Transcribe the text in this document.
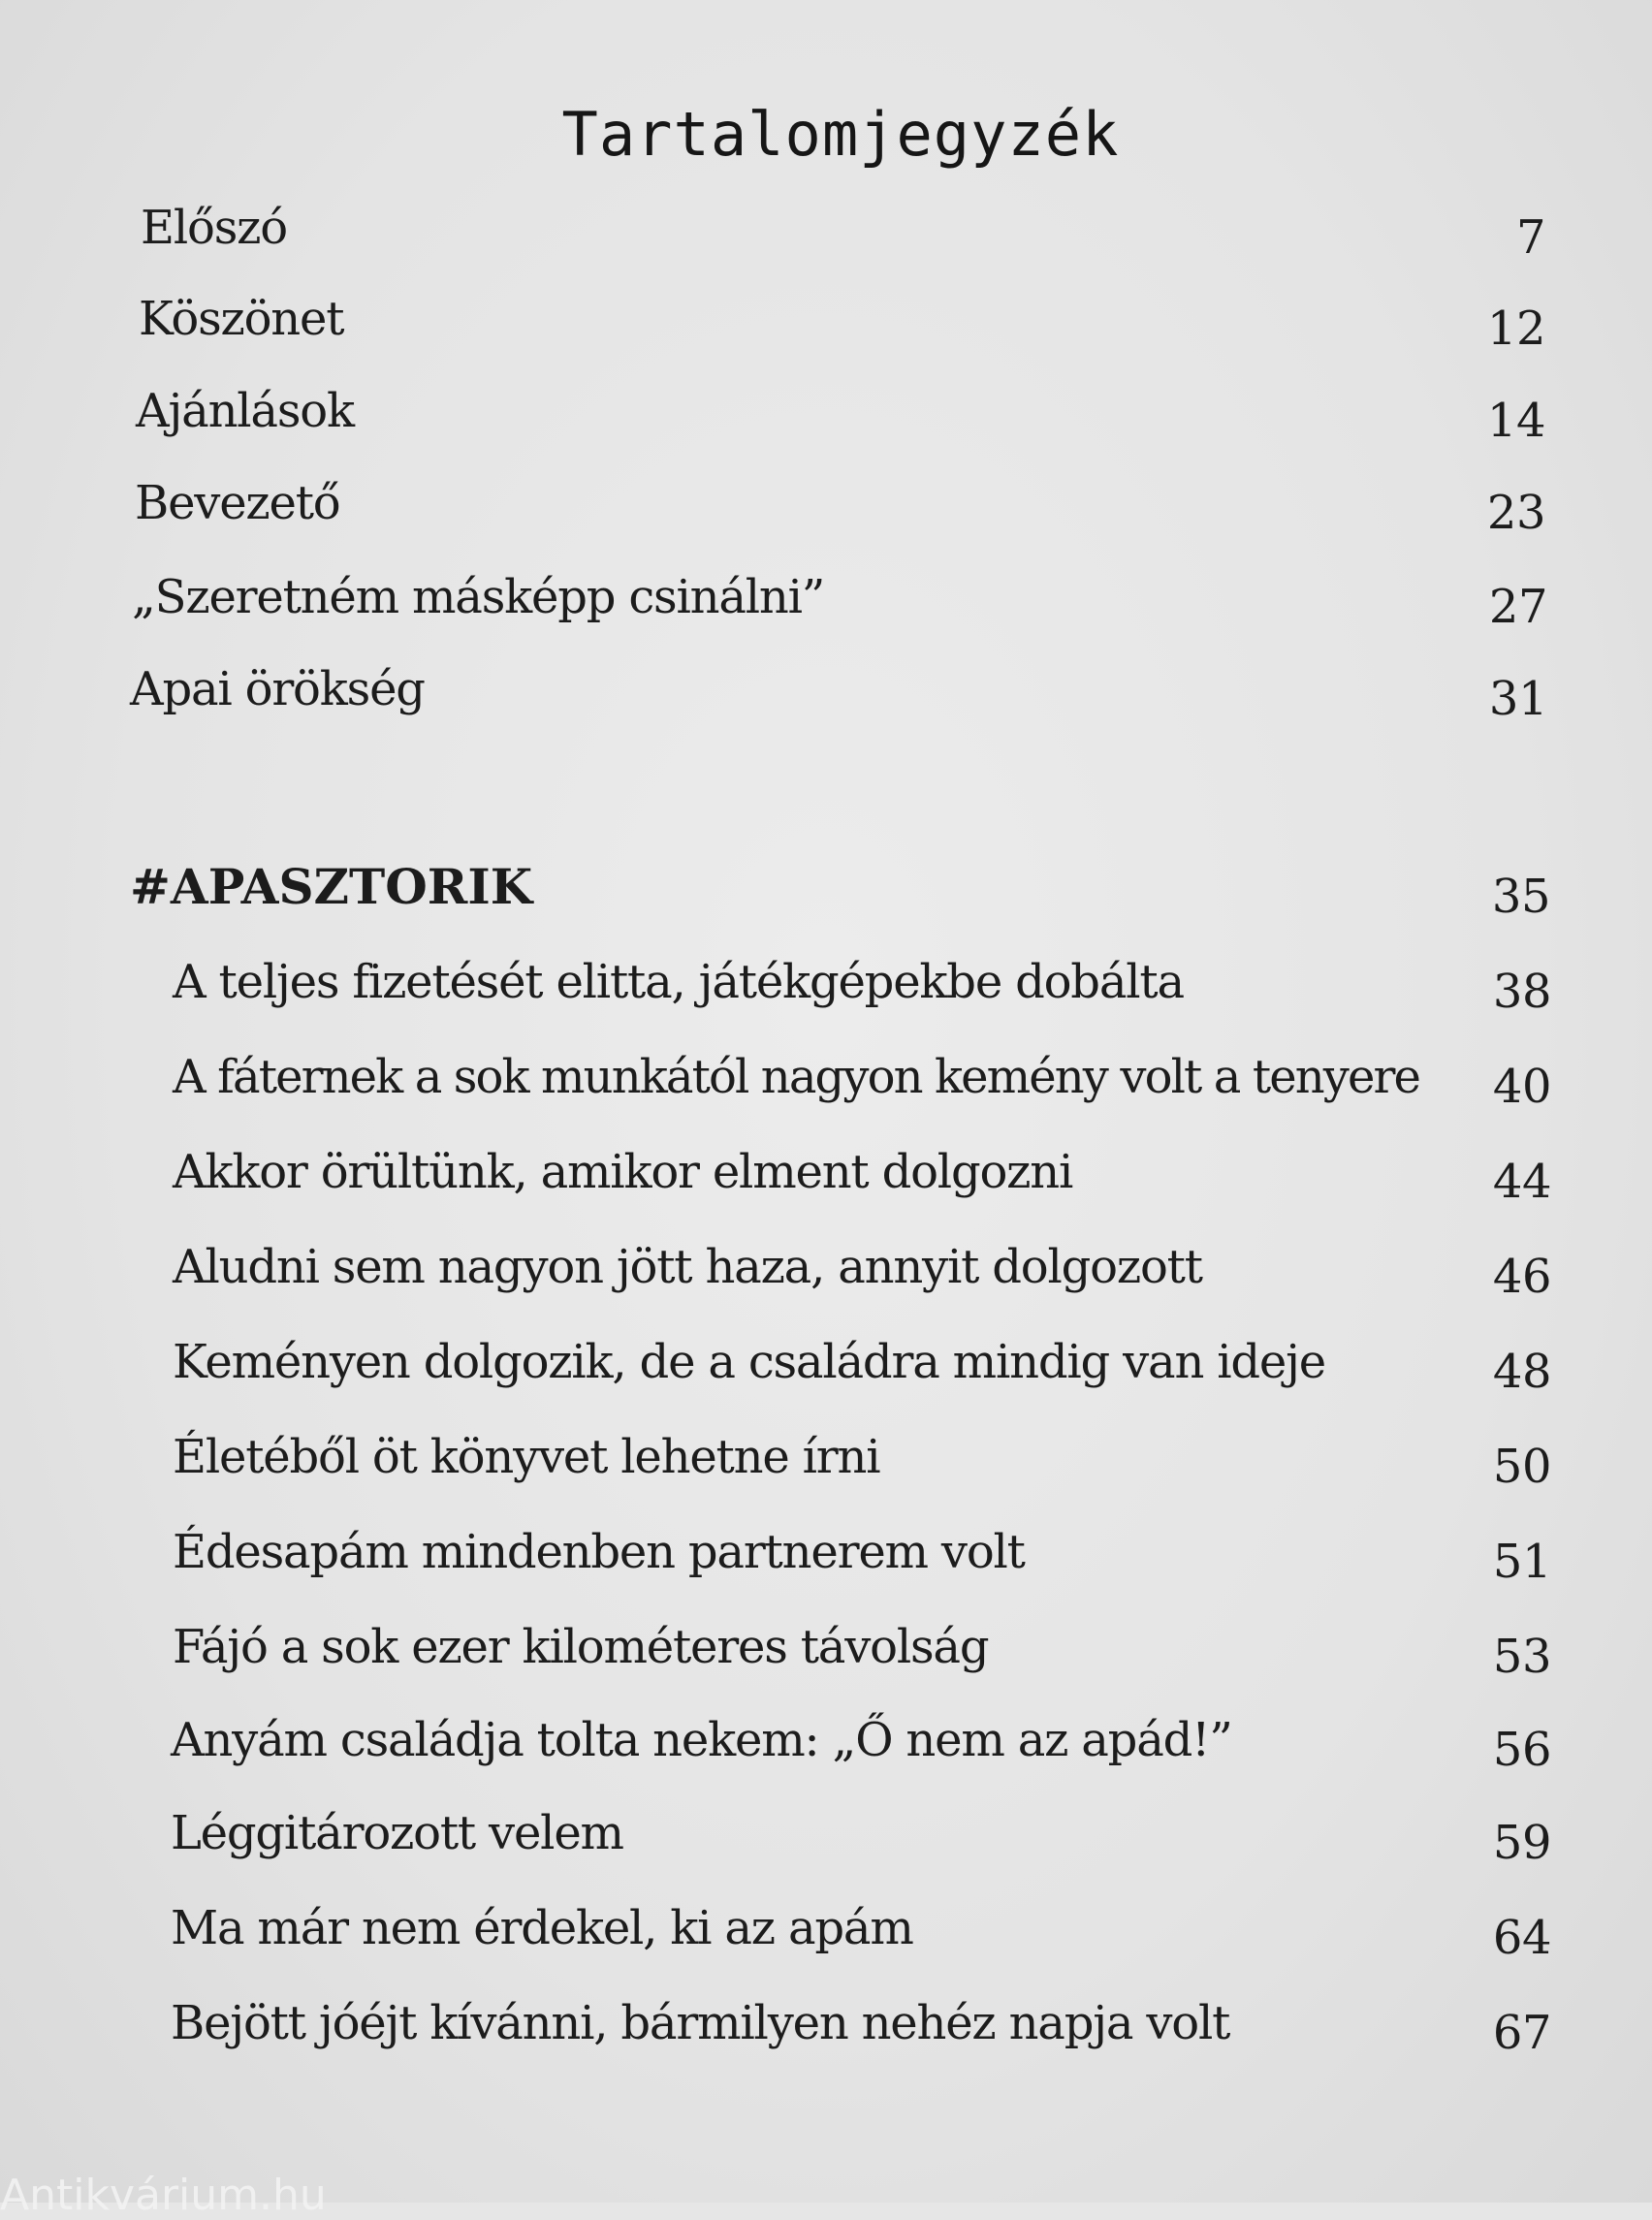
Tartalomjegyzék
Előszó	7
Köszönet	12
Ajánlások	14
Bevezető	23
„Szeretném másképp csinálni”	27
Apai örökség	31
#APASZTORIK	35
A teljes fizetését elitta, játékgépekbe dobálta	38
A fáternek a sok munkától nagyon kemény volt a tenyere 40
Akkor örültünk, amikor elment dolgozni	44
Aludni sem nagyon jött haza, annyit dolgozott	46
Keményen dolgozik, de a családra mindig van ideje	48
Életéből öt könyvet lehetne írni	50
Édesapám mindenben partnerem volt	51
Fájó a sok ezer kilométeres távolság	53
Anyám családja tolta nekem: „Ő nem az apád!”	56
Léggitározott velem	59
Ma már nem érdekel, ki az apám	64
Bejött jóéjt kívánni, bármilyen nehéz napja volt	67
Antikvárium.hu
